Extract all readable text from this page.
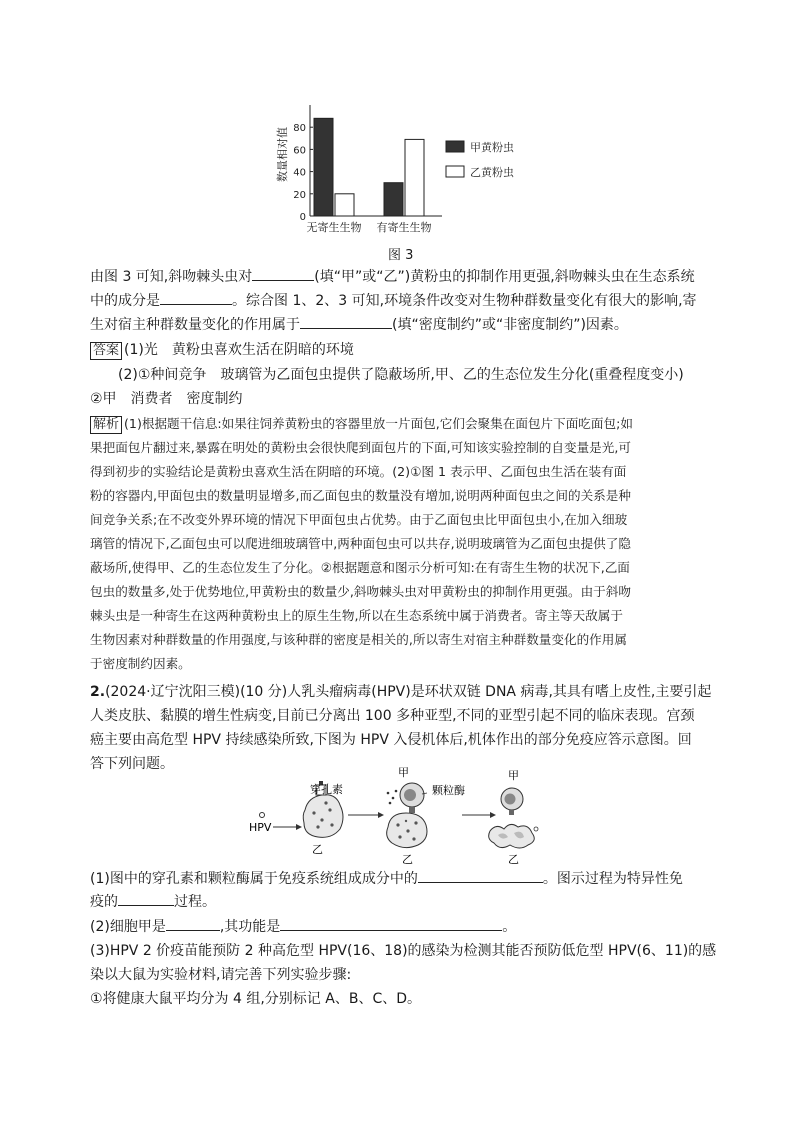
0
20
40
60
80
数量相对值
无寄生生物 有寄生生物
甲黄粉虫
乙黄粉虫
图 3
由图 3 可知,斜吻棘头虫对	(填“甲”或“乙”)黄粉虫的抑制作用更强,斜吻棘头虫在生态系统
中的成分是	。综合图 1、2、3 可知,环境条件改变对生物种群数量变化有很大的影响,寄
生对宿主种群数量变化的作用属于	(填“密度制约”或“非密度制约”)因素。
答案 (1)光　黄粉虫喜欢生活在阴暗的环境
(2)①种间竞争　玻璃管为乙面包虫提供了隐蔽场所,甲、乙的生态位发生分化(重叠程度变小)
②甲　消费者　密度制约
解析 (1)根据题干信息:如果往饲养黄粉虫的容器里放一片面包,它们会聚集在面包片下面吃面包;如
果把面包片翻过来,暴露在明处的黄粉虫会很快爬到面包片的下面,可知该实验控制的自变量是光,可
得到初步的实验结论是黄粉虫喜欢生活在阴暗的环境。(2)①图 1 表示甲、乙面包虫生活在装有面
粉的容器内,甲面包虫的数量明显增多,而乙面包虫的数量没有增加,说明两种面包虫之间的关系是种
间竞争关系;在不改变外界环境的情况下甲面包虫占优势。由于乙面包虫比甲面包虫小,在加入细玻
璃管的情况下,乙面包虫可以爬进细玻璃管中,两种面包虫可以共存,说明玻璃管为乙面包虫提供了隐
蔽场所,使得甲、乙的生态位发生了分化。②根据题意和图示分析可知:在有寄生生物的状况下,乙面
包虫的数量多,处于优势地位,甲黄粉虫的数量少,斜吻棘头虫对甲黄粉虫的抑制作用更强。由于斜吻
棘头虫是一种寄生在这两种黄粉虫上的原生生物,所以在生态系统中属于消费者。寄主等天敌属于
生物因素对种群数量的作用强度,与该种群的密度是相关的,所以寄生对宿主种群数量变化的作用属
于密度制约因素。
2.(2024·辽宁沈阳三模)(10 分)人乳头瘤病毒(HPV)是环状双链 DNA 病毒,其具有嗜上皮性,主要引起
人类皮肤、黏膜的增生性病变,目前已分离出 100 多种亚型,不同的亚型引起不同的临床表现。宫颈
癌主要由高危型 HPV 持续感染所致,下图为 HPV 入侵机体后,机体作出的部分免疫应答示意图。回
答下列问题。
HPV
乙
甲
穿孔素	颗粒酶
乙
甲
乙
(1)图中的穿孔素和颗粒酶属于免疫系统组成成分中的	。图示过程为特异性免
疫的	过程。
(2)细胞甲是	,其功能是	。
(3)HPV 2 价疫苗能预防 2 种高危型 HPV(16、18)的感染为检测其能否预防低危型 HPV(6、11)的感
染以大鼠为实验材料,请完善下列实验步骤:
①将健康大鼠平均分为 4 组,分别标记 A、B、C、D。
